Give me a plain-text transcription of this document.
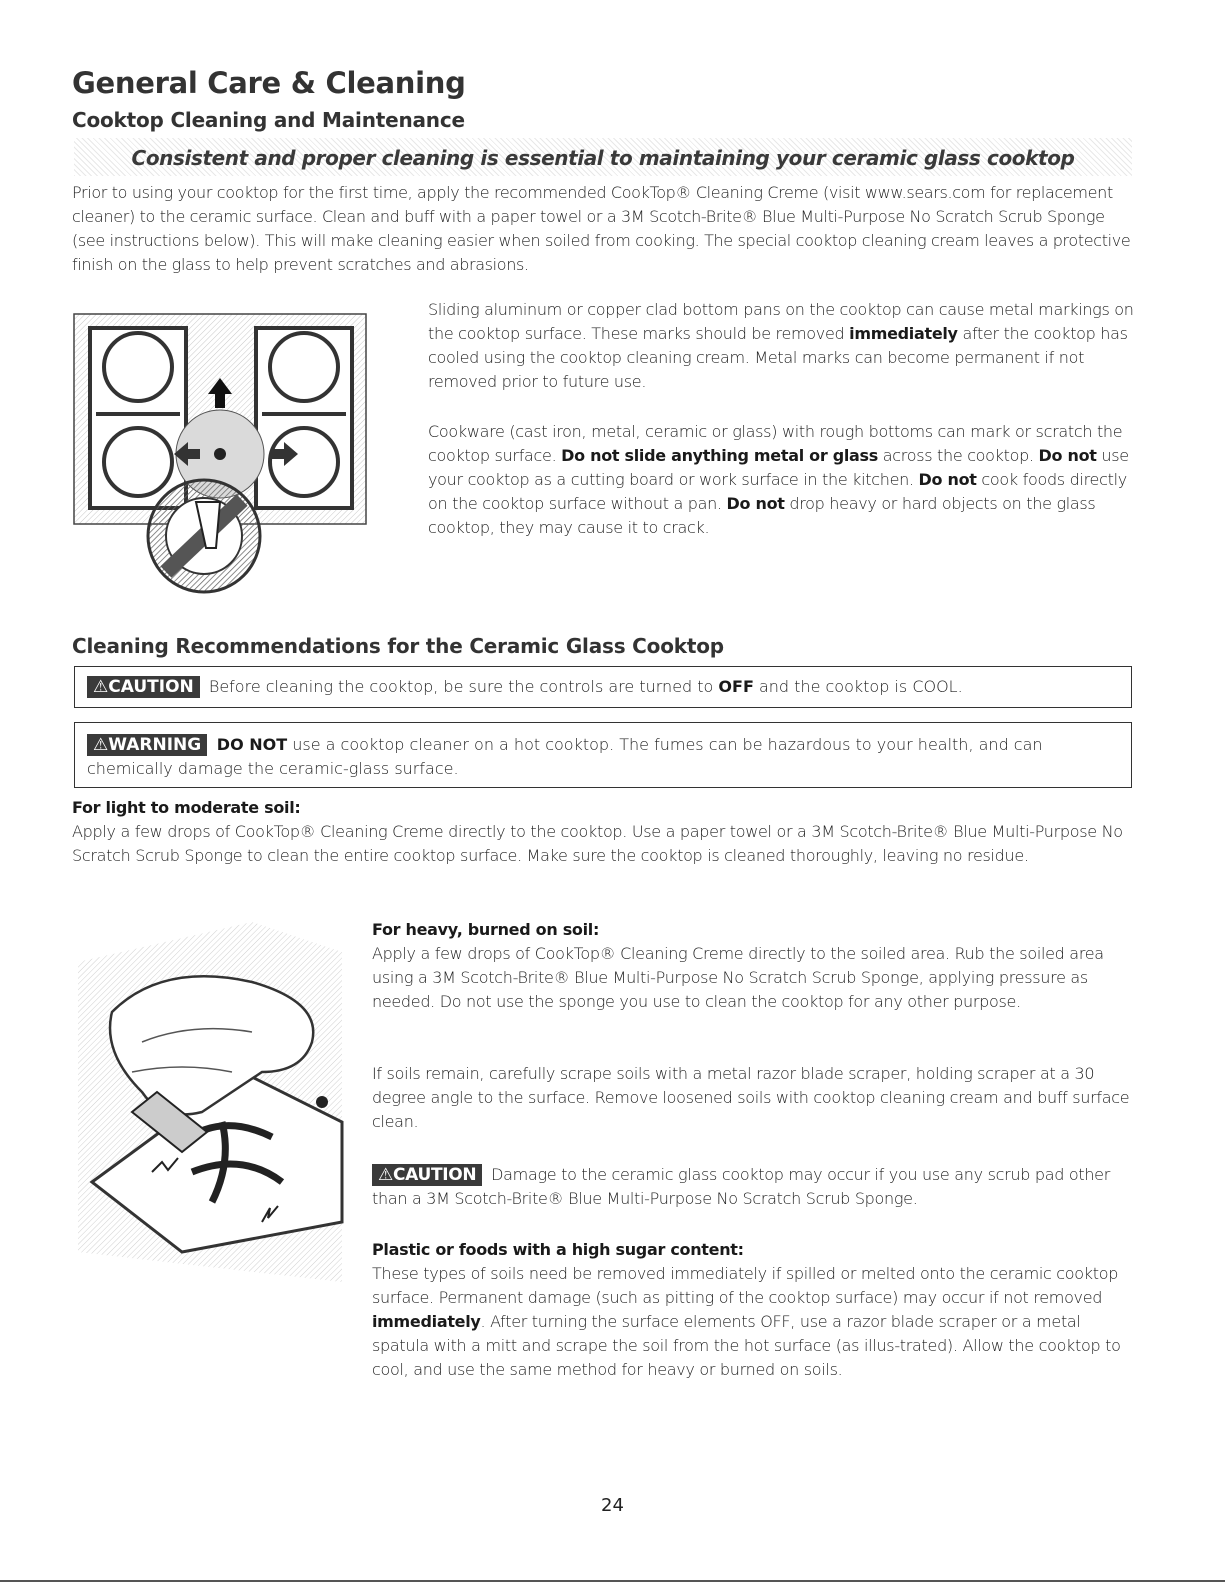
General Care & Cleaning
Cooktop Cleaning and Maintenance
Consistent and proper cleaning is essential to maintaining your ceramic glass cooktop

Prior to using your cooktop for the first time, apply the recommended CookTop® Cleaning Creme (visit www.sears.com for replacement cleaner) to the ceramic surface. Clean and buff with a paper towel or a 3M Scotch-Brite® Blue Multi-Purpose No Scratch Scrub Sponge (see instructions below). This will make cleaning easier when soiled from cooking. The special cooktop cleaning cream leaves a protective finish on the glass to help prevent scratches and abrasions.

Sliding aluminum or copper clad bottom pans on the cooktop can cause metal markings on the cooktop surface. These marks should be removed immediately after the cooktop has cooled using the cooktop cleaning cream. Metal marks can become permanent if not removed prior to future use.

Cookware (cast iron, metal, ceramic or glass) with rough bottoms can mark or scratch the cooktop surface. Do not slide anything metal or glass across the cooktop. Do not use your cooktop as a cutting board or work surface in the kitchen. Do not cook foods directly on the cooktop surface without a pan. Do not drop heavy or hard objects on the glass cooktop, they may cause it to crack.

Cleaning Recommendations for the Ceramic Glass Cooktop

⚠CAUTION Before cleaning the cooktop, be sure the controls are turned to OFF and the cooktop is COOL.

⚠WARNING DO NOT use a cooktop cleaner on a hot cooktop. The fumes can be hazardous to your health, and can chemically damage the ceramic-glass surface.

For light to moderate soil:

Apply a few drops of CookTop® Cleaning Creme directly to the cooktop. Use a paper towel or a 3M Scotch-Brite® Blue Multi-Purpose No Scratch Scrub Sponge to clean the entire cooktop surface. Make sure the cooktop is cleaned thoroughly, leaving no residue.

For heavy, burned on soil:

Apply a few drops of CookTop® Cleaning Creme directly to the soiled area. Rub the soiled area using a 3M Scotch-Brite® Blue Multi-Purpose No Scratch Scrub Sponge, applying pressure as needed. Do not use the sponge you use to clean the cooktop for any other purpose.

If soils remain, carefully scrape soils with a metal razor blade scraper, holding scraper at a 30 degree angle to the surface. Remove loosened soils with cooktop cleaning cream and buff surface clean.

⚠CAUTION Damage to the ceramic glass cooktop may occur if you use any scrub pad other than a 3M Scotch-Brite® Blue Multi-Purpose No Scratch Scrub Sponge.

Plastic or foods with a high sugar content:

These types of soils need be removed immediately if spilled or melted onto the ceramic cooktop surface. Permanent damage (such as pitting of the cooktop surface) may occur if not removed immediately. After turning the surface elements OFF, use a razor blade scraper or a metal spatula with a mitt and scrape the soil from the hot surface (as illus-trated). Allow the cooktop to cool, and use the same method for heavy or burned on soils.

24
